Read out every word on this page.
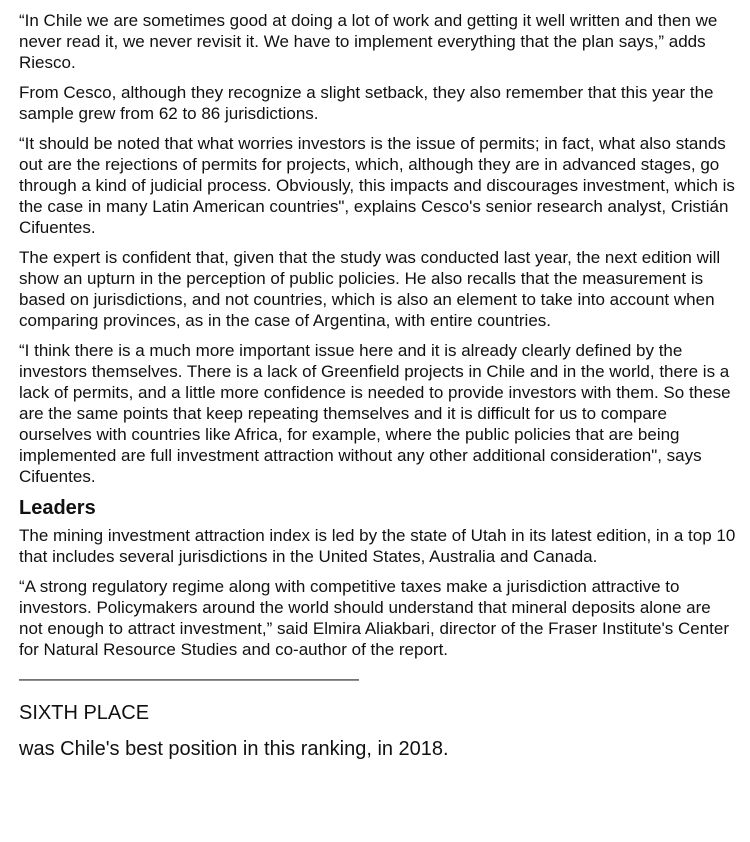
“In Chile we are sometimes good at doing a lot of work and getting it well written and then we never read it, we never revisit it. We have to implement everything that the plan says,” adds Riesco.

From Cesco, although they recognize a slight setback, they also remember that this year the sample grew from 62 to 86 jurisdictions.

“It should be noted that what worries investors is the issue of permits; in fact, what also stands out are the rejections of permits for projects, which, although they are in advanced stages, go through a kind of judicial process. Obviously, this impacts and discourages investment, which is the case in many Latin American countries", explains Cesco's senior research analyst, Cristián Cifuentes.

The expert is confident that, given that the study was conducted last year, the next edition will show an upturn in the perception of public policies. He also recalls that the measurement is based on jurisdictions, and not countries, which is also an element to take into account when comparing provinces, as in the case of Argentina, with entire countries.

“I think there is a much more important issue here and it is already clearly defined by the investors themselves. There is a lack of Greenfield projects in Chile and in the world, there is a lack of permits, and a little more confidence is needed to provide investors with them. So these are the same points that keep repeating themselves and it is difficult for us to compare ourselves with countries like Africa, for example, where the public policies that are being implemented are full investment attraction without any other additional consideration", says Cifuentes.

Leaders

The mining investment attraction index is led by the state of Utah in its latest edition, in a top 10 that includes several jurisdictions in the United States, Australia and Canada.

“A strong regulatory regime along with competitive taxes make a jurisdiction attractive to investors. Policymakers around the world should understand that mineral deposits alone are not enough to attract investment,” said Elmira Aliakbari, director of the Fraser Institute's Center for Natural Resource Studies and co-author of the report.

————————————————————
SIXTH PLACE
was Chile's best position in this ranking, in 2018.
